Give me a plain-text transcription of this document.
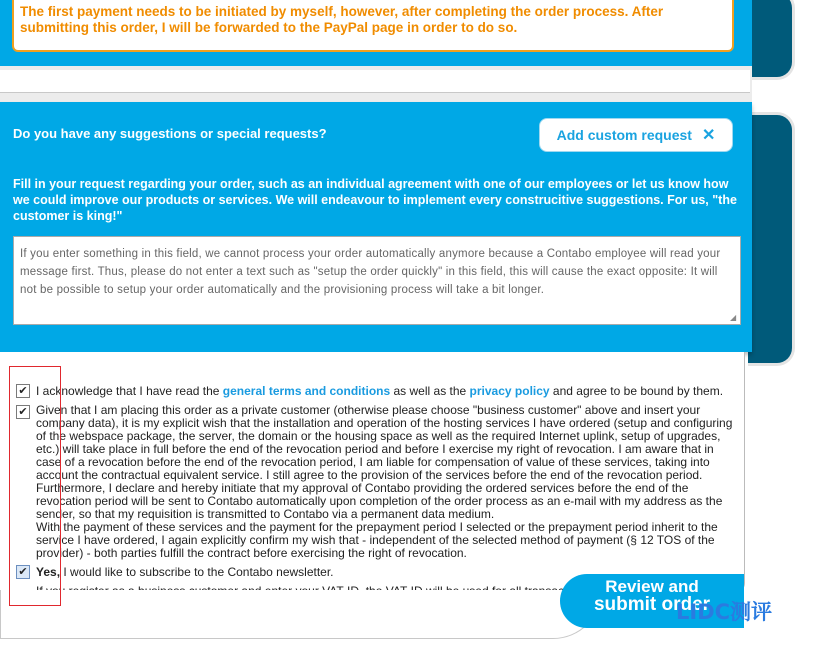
The first payment needs to be initiated by myself, however, after completing the order process. After submitting this order, I will be forwarded to the PayPal page in order to do so.
Do you have any suggestions or special requests?	Add custom request ✕
Fill in your request regarding your order, such as an individual agreement with one of our employees or let us know how we could improve our products or services. We will endeavour to implement every construcitive suggestions. For us, "the customer is king!"
If you enter something in this field, we cannot process your order automatically anymore because a Contabo employee will read your message first. Thus, please do not enter a text such as "setup the order quickly" in this field, this will cause the exact opposite: It will not be possible to setup your order automatically and the provisioning process will take a bit longer.
◢
✔ I acknowledge that I have read the general terms and conditions as well as the privacy policy and agree to be bound by them.
✔ Given that I am placing this order as a private customer (otherwise please choose "business customer" above and insert your company data), it is my explicit wish that the installation and operation of the hosting services I have ordered (setup and configuring of the webspace package, the server, the domain or the housing space as well as the required Internet uplink, setup of upgrades, etc.) will take place in full before the end of the revocation period and before I exercise my right of revocation. I am aware that in case of a revocation before the end of the revocation period, I am liable for compensation of value of these services, taking into account the contractual equivalent service. I still agree to the provision of the services before the end of the revocation period. Furthermore, I declare and hereby initiate that my approval of Contabo providing the ordered services before the end of the revocation period will be sent to Contabo automatically upon completion of the order process as an e-mail with my address as the sender, so that my requisition is transmitted to Contabo via a permanent data medium.
With the payment of these services and the payment for the prepayment period I selected or the prepayment period inherit to the service I have ordered, I again explicitly confirm my wish that - independent of the selected method of payment (§ 12 TOS of the provider) - both parties fulfill the contract before exercising the right of revocation.
✔ Yes, I would like to subscribe to the Contabo newsletter.
Review and
submit order
LIDC测评
